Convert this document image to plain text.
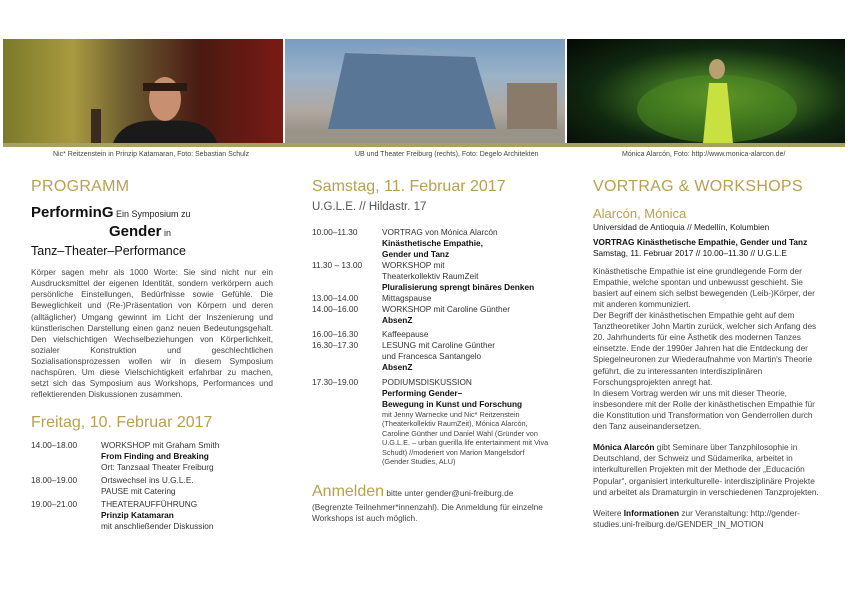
Nic* Reitzenstein in Prinzip Katamaran, Foto: Sebastian Schulz	UB und Theater Freiburg (rechts), Foto: Degelo Architekten	Mónica Alarcón, Foto: http://www.monica-alarcon.de/
PROGRAMM

PerforminG Ein Symposium zu

Gender in

Tanz–Theater–Performance

Körper sagen mehr als 1000 Worte: Sie sind nicht nur ein Ausdrucksmittel der eigenen Identität, sondern verkörpern auch persönliche Einstellungen, Bedürfnisse sowie Gefühle. Die Beweglichkeit und (Re-)Präsentation von Körpern und deren (alltäglicher) Umgang gewinnt im Licht der Inszenierung und künstlerischen Darstellung einen ganz neuen Bedeutungsgehalt. Den vielschichtigen Wechselbeziehungen von Körperlichkeit, sozialer Konstruktion und geschlechtlichen Sozialisationsprozessen wollen wir in diesem Symposium nachspüren. Um diese Vielschichtigkeit erfahrbar zu machen, setzt sich das Symposium aus Workshops, Performances und reflektierenden Diskussionen zusammen.

Freitag, 10. Februar 2017
14.00–18.00	WORKSHOP mit Graham Smith
From Finding and Breaking
Ort: Tanzsaal Theater Freiburg
18.00–19.00	Ortswechsel ins U.G.L.E.
PAUSE mit Catering
19.00–21.00	THEATERAUFFÜHRUNG
Prinzip Katamaran
mit anschließender Diskussion
Samstag, 11. Februar 2017
U.G.L.E. // Hildastr. 17
10.00–11.30	VORTRAG von Mónica Alarcón
Kinästhetische Empathie,
Gender und Tanz
11.30 – 13.00	WORKSHOP mit
Theaterkollektiv RaumZeit
Pluralisierung sprengt binäres Denken
13.00–14.00	Mittagspause
14.00–16.00	WORKSHOP mit Caroline Günther
AbsenZ
16.00–16.30	Kaffeepause
16.30–17.30	LESUNG mit Caroline Günther
und Francesca Santangelo
AbsenZ
17.30–19.00	PODIUMSDISKUSSION
Performing Gender–
Bewegung in Kunst und Forschung
mit Jenny Warnecke und Nic* Reitzenstein (Theaterkollektiv RaumZeit), Mónica Alarcón, Caroline Günther und Daniel Wahl (Gründer von U.G.L.E. – urban guerilla life entertainment mit Viva Schudt) //moderiert von Marion Mangelsdorf (Gender Studies, ALU)

Anmelden bitte unter gender@uni-freiburg.de (Begrenzte Teilnehmer*innenzahl). Die Anmeldung für einzelne Workshops ist auch möglich.

VORTRAG & WORKSHOPS
Alarcón, Mónica
Universidad de Antioquia // Medellín, Kolumbien
VORTRAG Kinästhetische Empathie, Gender und Tanz
Samstag, 11. Februar 2017 // 10.00–11.30 // U.G.L.E

Kinästhetische Empathie ist eine grundlegende Form der Empathie, welche spontan und unbewusst geschieht. Sie basiert auf einem sich selbst bewegenden (Leib-)Körper, der mit anderen kommuniziert.

Der Begriff der kinästhetischen Empathie geht auf dem Tanztheoretiker John Martin zurück, welcher sich Anfang des 20. Jahrhunderts für eine Ästhetik des modernen Tanzes einsetzte. Ende der 1990er Jahren hat die Entdeckung der Spiegelneuronen zur Wiederaufnahme von Martin's Theorie geführt, die zu interessanten interdisziplinären Forschungsprojekten anregt hat.

In diesem Vortrag werden wir uns mit dieser Theorie, insbesondere mit der Rolle der kinästhetischen Empathie für die Konstitution und Transformation von Genderrollen durch den Tanz auseinandersetzen.

Mónica Alarcón gibt Seminare über Tanzphilosophie in Deutschland, der Schweiz und Südamerika, arbeitet in interkulturellen Projekten mit der Methode der „Educación Popular“, organisiert interkulturelle- interdisziplinäre Projekte und arbeitet als Dramaturgin in verschiedenen Tanzprojekten.

Weitere Informationen zur Veranstaltung: http://gender-studies.uni-freiburg.de/GENDER_IN_MOTION
